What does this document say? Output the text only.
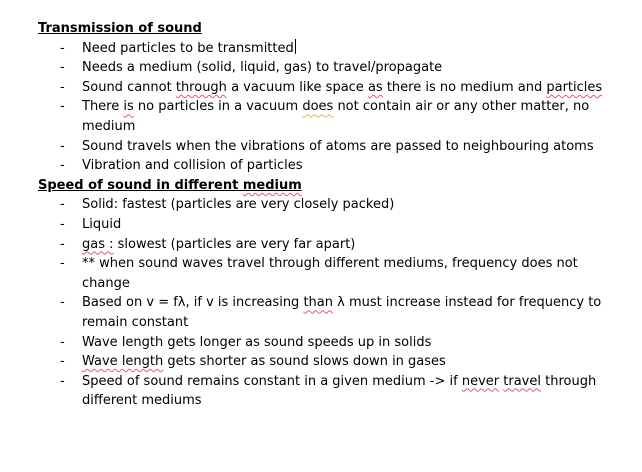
Transmission of sound
- Need particles to be transmitted
- Needs a medium (solid, liquid, gas) to travel/propagate
- Sound cannot through a vacuum like space as there is no medium and particles
- There is no particles in a vacuum does not contain air or any other matter, no medium
- Sound travels when the vibrations of atoms are passed to neighbouring atoms
- Vibration and collision of particles
Speed of sound in different medium
- Solid: fastest (particles are very closely packed)
- Liquid
- gas : slowest (particles are very far apart)
- ** when sound waves travel through different mediums, frequency does not change
- Based on v = fλ, if v is increasing than λ must increase instead for frequency to remain constant
- Wave length gets longer as sound speeds up in solids
- Wave length gets shorter as sound slows down in gases
- Speed of sound remains constant in a given medium -> if never travel through different mediums
